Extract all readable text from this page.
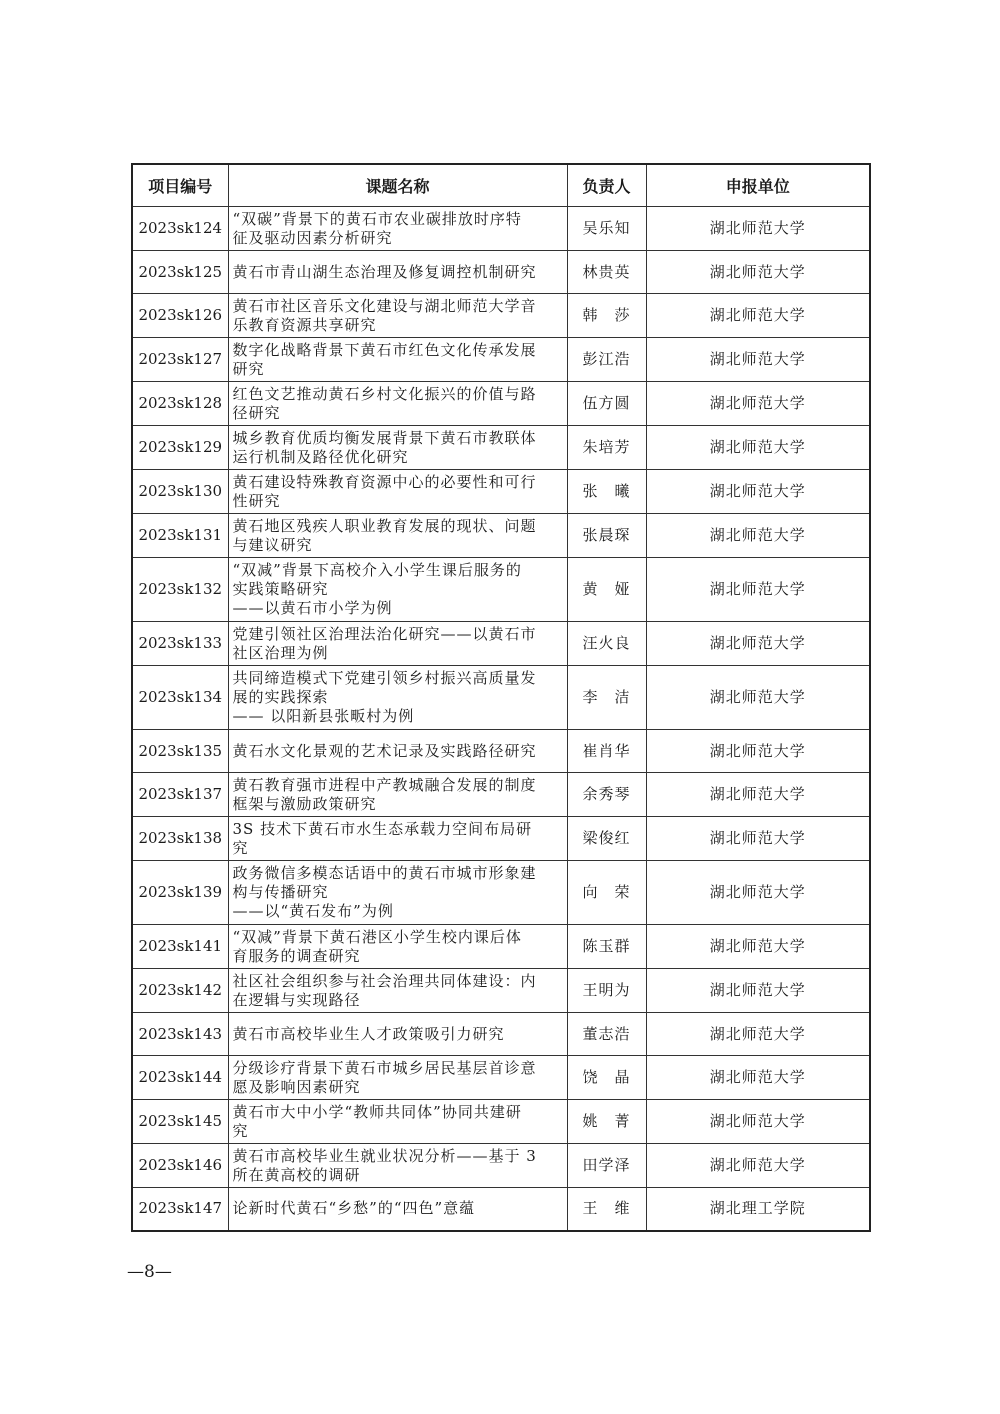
项目编号	课题名称	负责人	申报单位
2023sk124	“双碳”背景下的黄石市农业碳排放时序特
征及驱动因素分析研究	吴乐知	湖北师范大学
2023sk125	黄石市青山湖生态治理及修复调控机制研究	林贵英	湖北师范大学
2023sk126	黄石市社区音乐文化建设与湖北师范大学音
乐教育资源共享研究	韩　莎	湖北师范大学
2023sk127	数字化战略背景下黄石市红色文化传承发展
研究	彭江浩	湖北师范大学
2023sk128	红色文艺推动黄石乡村文化振兴的价值与路
径研究	伍方圆	湖北师范大学
2023sk129	城乡教育优质均衡发展背景下黄石市教联体
运行机制及路径优化研究	朱培芳	湖北师范大学
2023sk130	黄石建设特殊教育资源中心的必要性和可行
性研究	张　曦	湖北师范大学
2023sk131	黄石地区残疾人职业教育发展的现状、问题
与建议研究	张晨琛	湖北师范大学
2023sk132	“双减”背景下高校介入小学生课后服务的
实践策略研究
——以黄石市小学为例	黄　娅	湖北师范大学
2023sk133	党建引领社区治理法治化研究——以黄石市
社区治理为例	汪火良	湖北师范大学
2023sk134	共同缔造模式下党建引领乡村振兴高质量发
展的实践探索
—— 以阳新县张畈村为例	李　洁	湖北师范大学
2023sk135	黄石水文化景观的艺术记录及实践路径研究	崔肖华	湖北师范大学
2023sk137	黄石教育强市进程中产教城融合发展的制度
框架与激励政策研究	余秀琴	湖北师范大学
2023sk138	3S 技术下黄石市水生态承载力空间布局研
究	梁俊红	湖北师范大学
2023sk139	政务微信多模态话语中的黄石市城市形象建
构与传播研究
——以“黄石发布”为例	向　荣	湖北师范大学
2023sk141	“双减”背景下黄石港区小学生校内课后体
育服务的调查研究	陈玉群	湖北师范大学
2023sk142	社区社会组织参与社会治理共同体建设：内
在逻辑与实现路径	王明为	湖北师范大学
2023sk143	黄石市高校毕业生人才政策吸引力研究	董志浩	湖北师范大学
2023sk144	分级诊疗背景下黄石市城乡居民基层首诊意
愿及影响因素研究	饶　晶	湖北师范大学
2023sk145	黄石市大中小学“教师共同体”协同共建研
究	姚　菁	湖北师范大学
2023sk146	黄石市高校毕业生就业状况分析——基于 3
所在黄高校的调研	田学泽	湖北师范大学
2023sk147	论新时代黄石“乡愁”的“四色”意蕴	王　维	湖北理工学院
—8—
